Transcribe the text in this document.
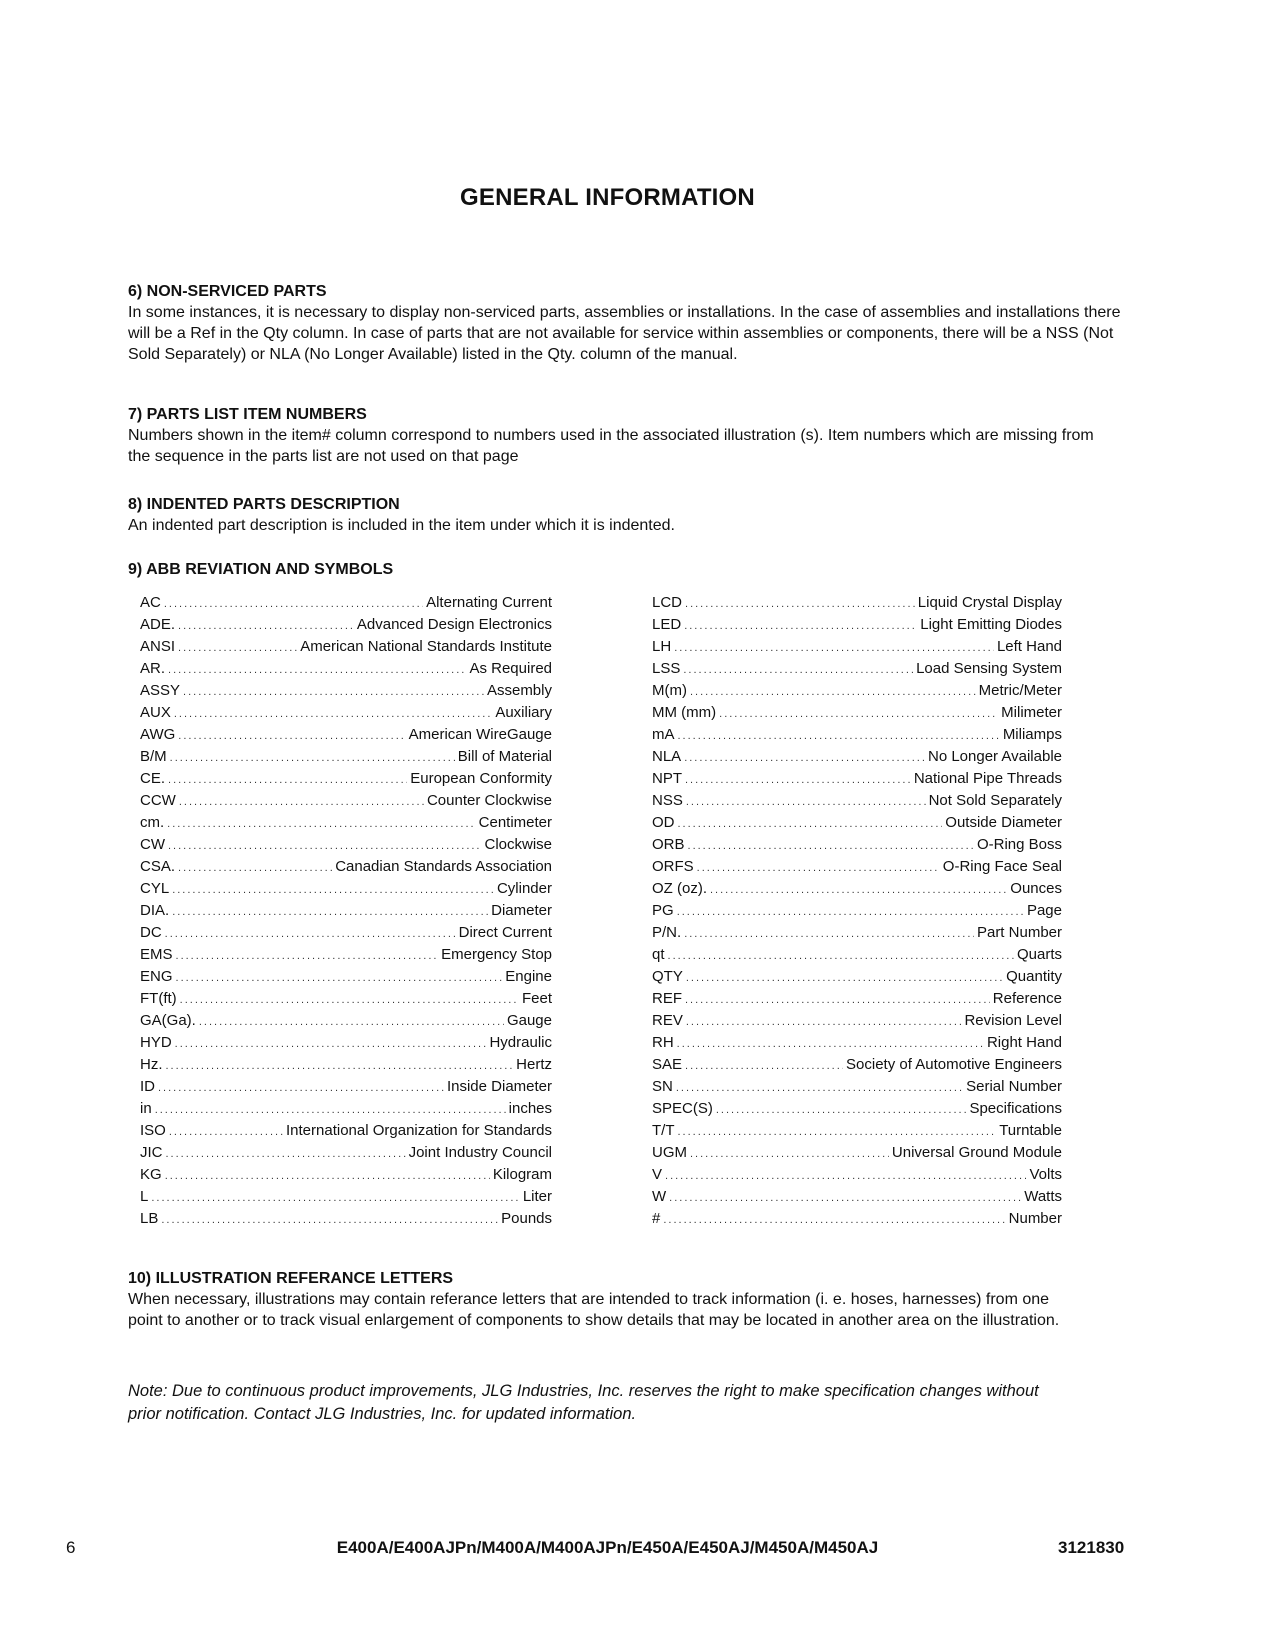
GENERAL INFORMATION
6) NON-SERVICED PARTS
In some instances, it is necessary to display non-serviced parts, assemblies or installations. In the case of assemblies and installations there will be a Ref in the Qty column. In case of parts that are not available for service within assemblies or components, there will be a NSS (Not Sold Separately) or NLA (No Longer Available) listed in the Qty. column of the manual.
7) PARTS LIST ITEM NUMBERS
Numbers shown in the item# column correspond to numbers used in the associated illustration (s). Item numbers which are missing from the sequence in the parts list are not used on that page
8) INDENTED PARTS DESCRIPTION
An indented part description is included in the item under which it is indented.
9) ABB REVIATION AND SYMBOLS
AC .....	Alternating Current
ADE. .....	Advanced Design Electronics
ANSI .....	American National Standards Institute
AR. .....	As Required
ASSY .....	Assembly
AUX .....	Auxiliary
AWG .....	American WireGauge
B/M .....	Bill of Material
CE. .....	European Conformity
CCW .....	Counter Clockwise
cm. .....	Centimeter
CW .....	Clockwise
CSA. .....	Canadian Standards Association
CYL .....	Cylinder
DIA. .....	Diameter
DC .....	Direct Current
EMS .....	Emergency Stop
ENG .....	Engine
FT(ft) .....	Feet
GA(Ga). .....	Gauge
HYD .....	Hydraulic
Hz. .....	Hertz
ID .....	Inside Diameter
in .....	inches
ISO .....	International Organization for Standards
JIC .....	Joint Industry Council
KG .....	Kilogram
L .....	Liter
LB .....	Pounds
LCD .....	Liquid Crystal Display
LED .....	Light Emitting Diodes
LH .....	Left Hand
LSS .....	Load Sensing System
M(m) .....	Metric/Meter
MM (mm) .....	Milimeter
mA .....	Miliamps
NLA .....	No Longer Available
NPT .....	National Pipe Threads
NSS .....	Not Sold Separately
OD .....	Outside Diameter
ORB .....	O-Ring Boss
ORFS .....	O-Ring Face Seal
OZ (oz). .....	Ounces
PG .....	Page
P/N. .....	Part Number
qt .....	Quarts
QTY .....	Quantity
REF .....	Reference
REV .....	Revision Level
RH .....	Right Hand
SAE .....	Society of Automotive Engineers
SN .....	Serial Number
SPEC(S) .....	Specifications
T/T .....	Turntable
UGM .....	Universal Ground Module
V .....	Volts
W .....	Watts
# .....	Number
10) ILLUSTRATION REFERANCE LETTERS
When necessary, illustrations may contain referance letters that are intended to track information (i. e. hoses, harnesses) from one point to another or to track visual enlargement of components to show details that may be located in another area on the illustration.
Note: Due to continuous product improvements, JLG Industries, Inc. reserves the right to make specification changes without prior notification. Contact JLG Industries, Inc. for updated information.
6	E400A/E400AJPn/M400A/M400AJPn/E450A/E450AJ/M450A/M450AJ	3121830
